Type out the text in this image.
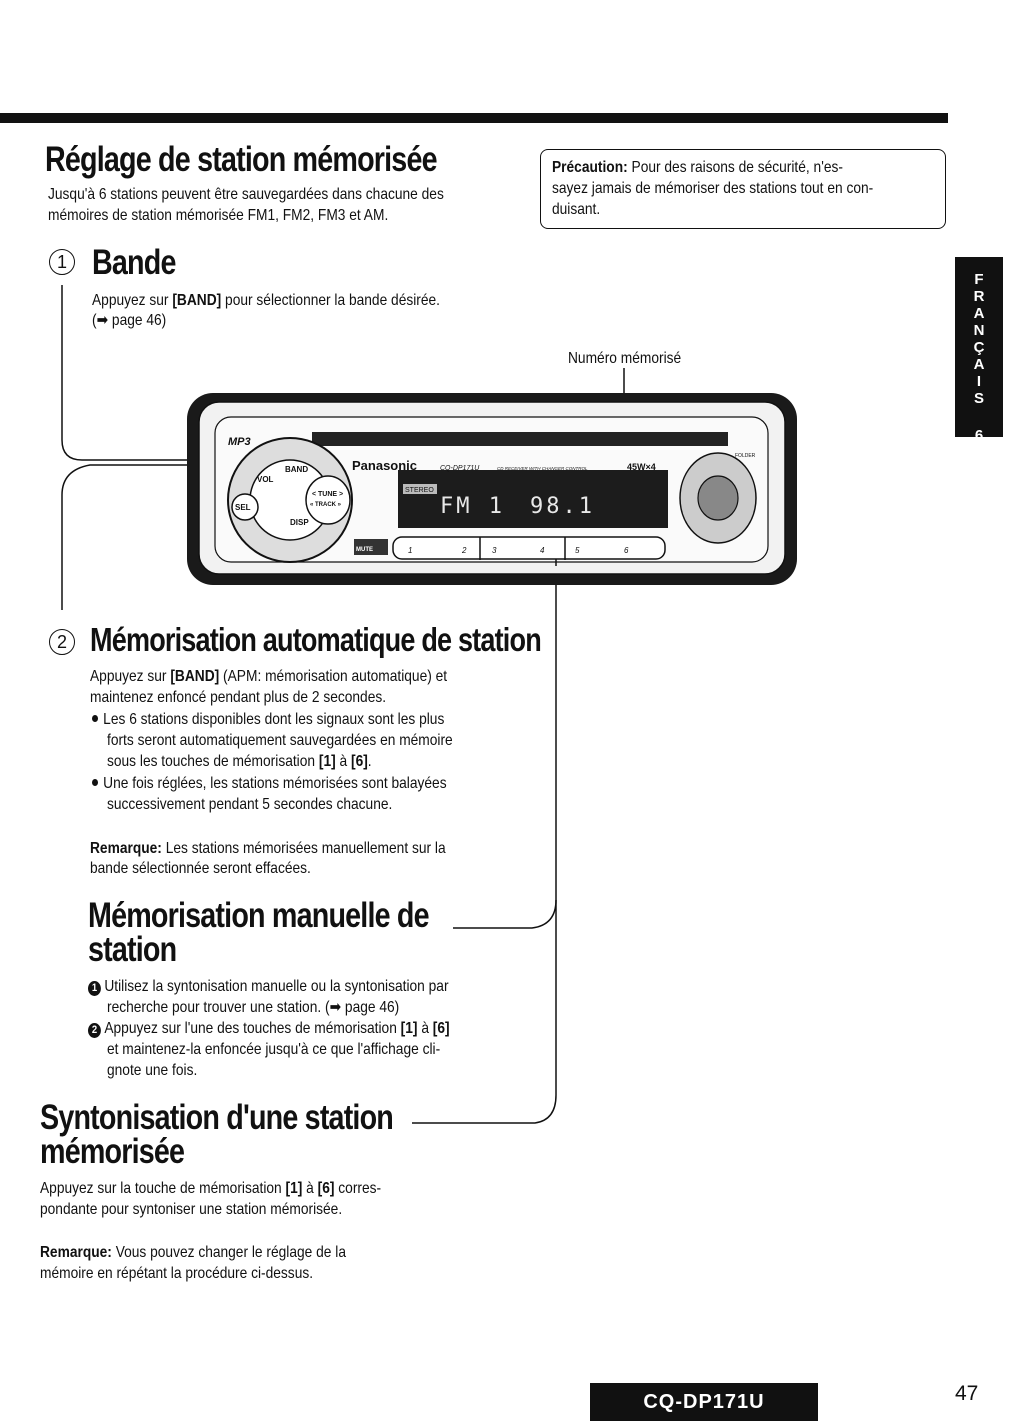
Réglage de station mémorisée
Jusqu'à 6 stations peuvent être sauvegardées dans chacune des
mémoires de station mémorisée FM1, FM2, FM3 et AM.
Précaution: Pour des raisons de sécurité, n'es-
sayez jamais de mémoriser des stations tout en con-
duisant.
F
R
A
N
Ç
A
I
S
6
1 Bande
Appuyez sur [BAND] pour sélectionner la bande désirée.
(➡ page 46)
Numéro mémorisé
MP3
Panasonic	CQ-DP171U	CD RECEIVER WITH CHANGER CONTROL	45W×4
STEREO
FM 1 98.1
BAND
VOL
SEL
DISP
< TUNE >
« TRACK »
FOLDER
MUTE	1	2	3	4	5	6
2 Mémorisation automatique de station
Appuyez sur [BAND] (APM: mémorisation automatique) et
maintenez enfoncé pendant plus de 2 secondes.
Les 6 stations disponibles dont les signaux sont les plus
forts seront automatiquement sauvegardées en mémoire
sous les touches de mémorisation [1] à [6].
Une fois réglées, les stations mémorisées sont balayées
successivement pendant 5 secondes chacune.
Remarque: Les stations mémorisées manuellement sur la
bande sélectionnée seront effacées.
Mémorisation manuelle de
station
1 Utilisez la syntonisation manuelle ou la syntonisation par
recherche pour trouver une station. (➡ page 46)
2 Appuyez sur l'une des touches de mémorisation [1] à [6]
et maintenez-la enfoncée jusqu'à ce que l'affichage cli-
gnote une fois.
Syntonisation d'une station
mémorisée
Appuyez sur la touche de mémorisation [1] à [6] corres-
pondante pour syntoniser une station mémorisée.
Remarque: Vous pouvez changer le réglage de la
mémoire en répétant la procédure ci-dessus.
CQ-DP171U	47
